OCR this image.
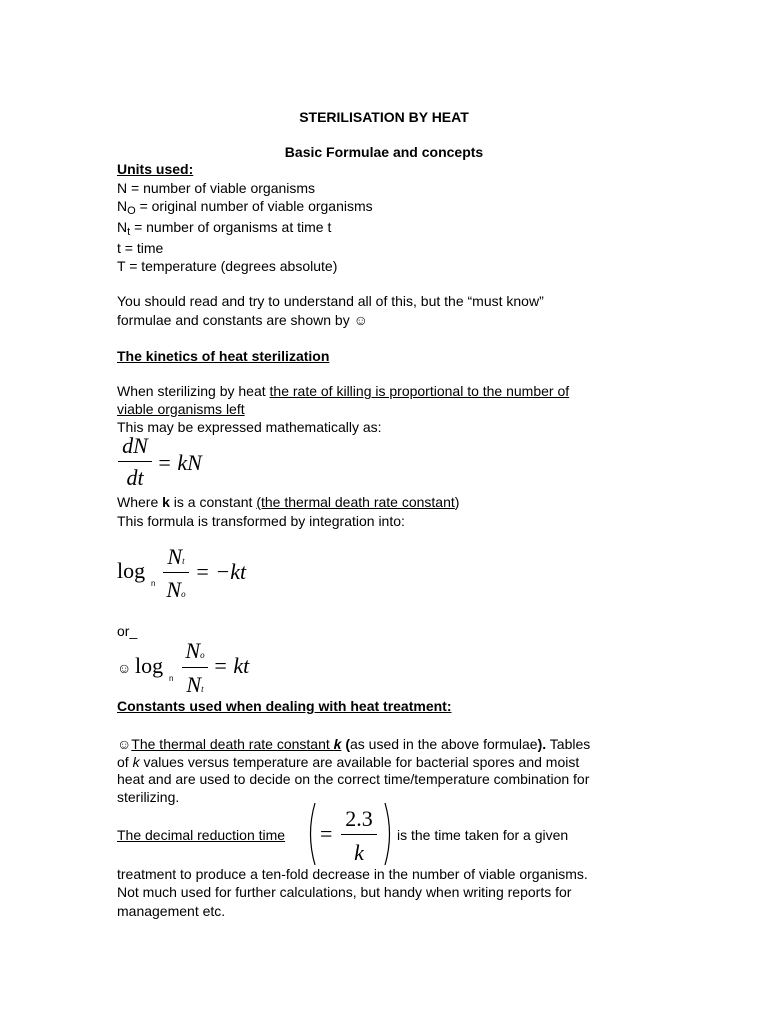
STERILISATION BY HEAT
Basic Formulae and concepts
Units used:
N = number of viable organisms
$N_O$ = original number of viable organisms
$N_t$ = number of organisms at time t
t = time
T = temperature (degrees absolute)
You should read and try to understand all of this, but the “must know”
formulae and constants are shown by ☺
The kinetics of heat sterilization
When sterilizing by heat the rate of killing is proportional to the number of
viable organisms left
This may be expressed mathematically as:
dN
dt
= kN
Where k is a constant (the thermal death rate constant)
This formula is transformed by integration into:
log
n
Nt
No
= −kt
or_
☺ log
n
No
Nt
= kt
Constants used when dealing with heat treatment:
☺The thermal death rate constant k (as used in the above formulae). Tables
of k values versus temperature are available for bacterial spores and moist
heat and are used to decide on the correct time/temperature combination for
sterilizing.
The decimal reduction time =
2.3
k
is the time taken for a given
treatment to produce a ten-fold decrease in the number of viable organisms.
Not much used for further calculations, but handy when writing reports for
management etc.
